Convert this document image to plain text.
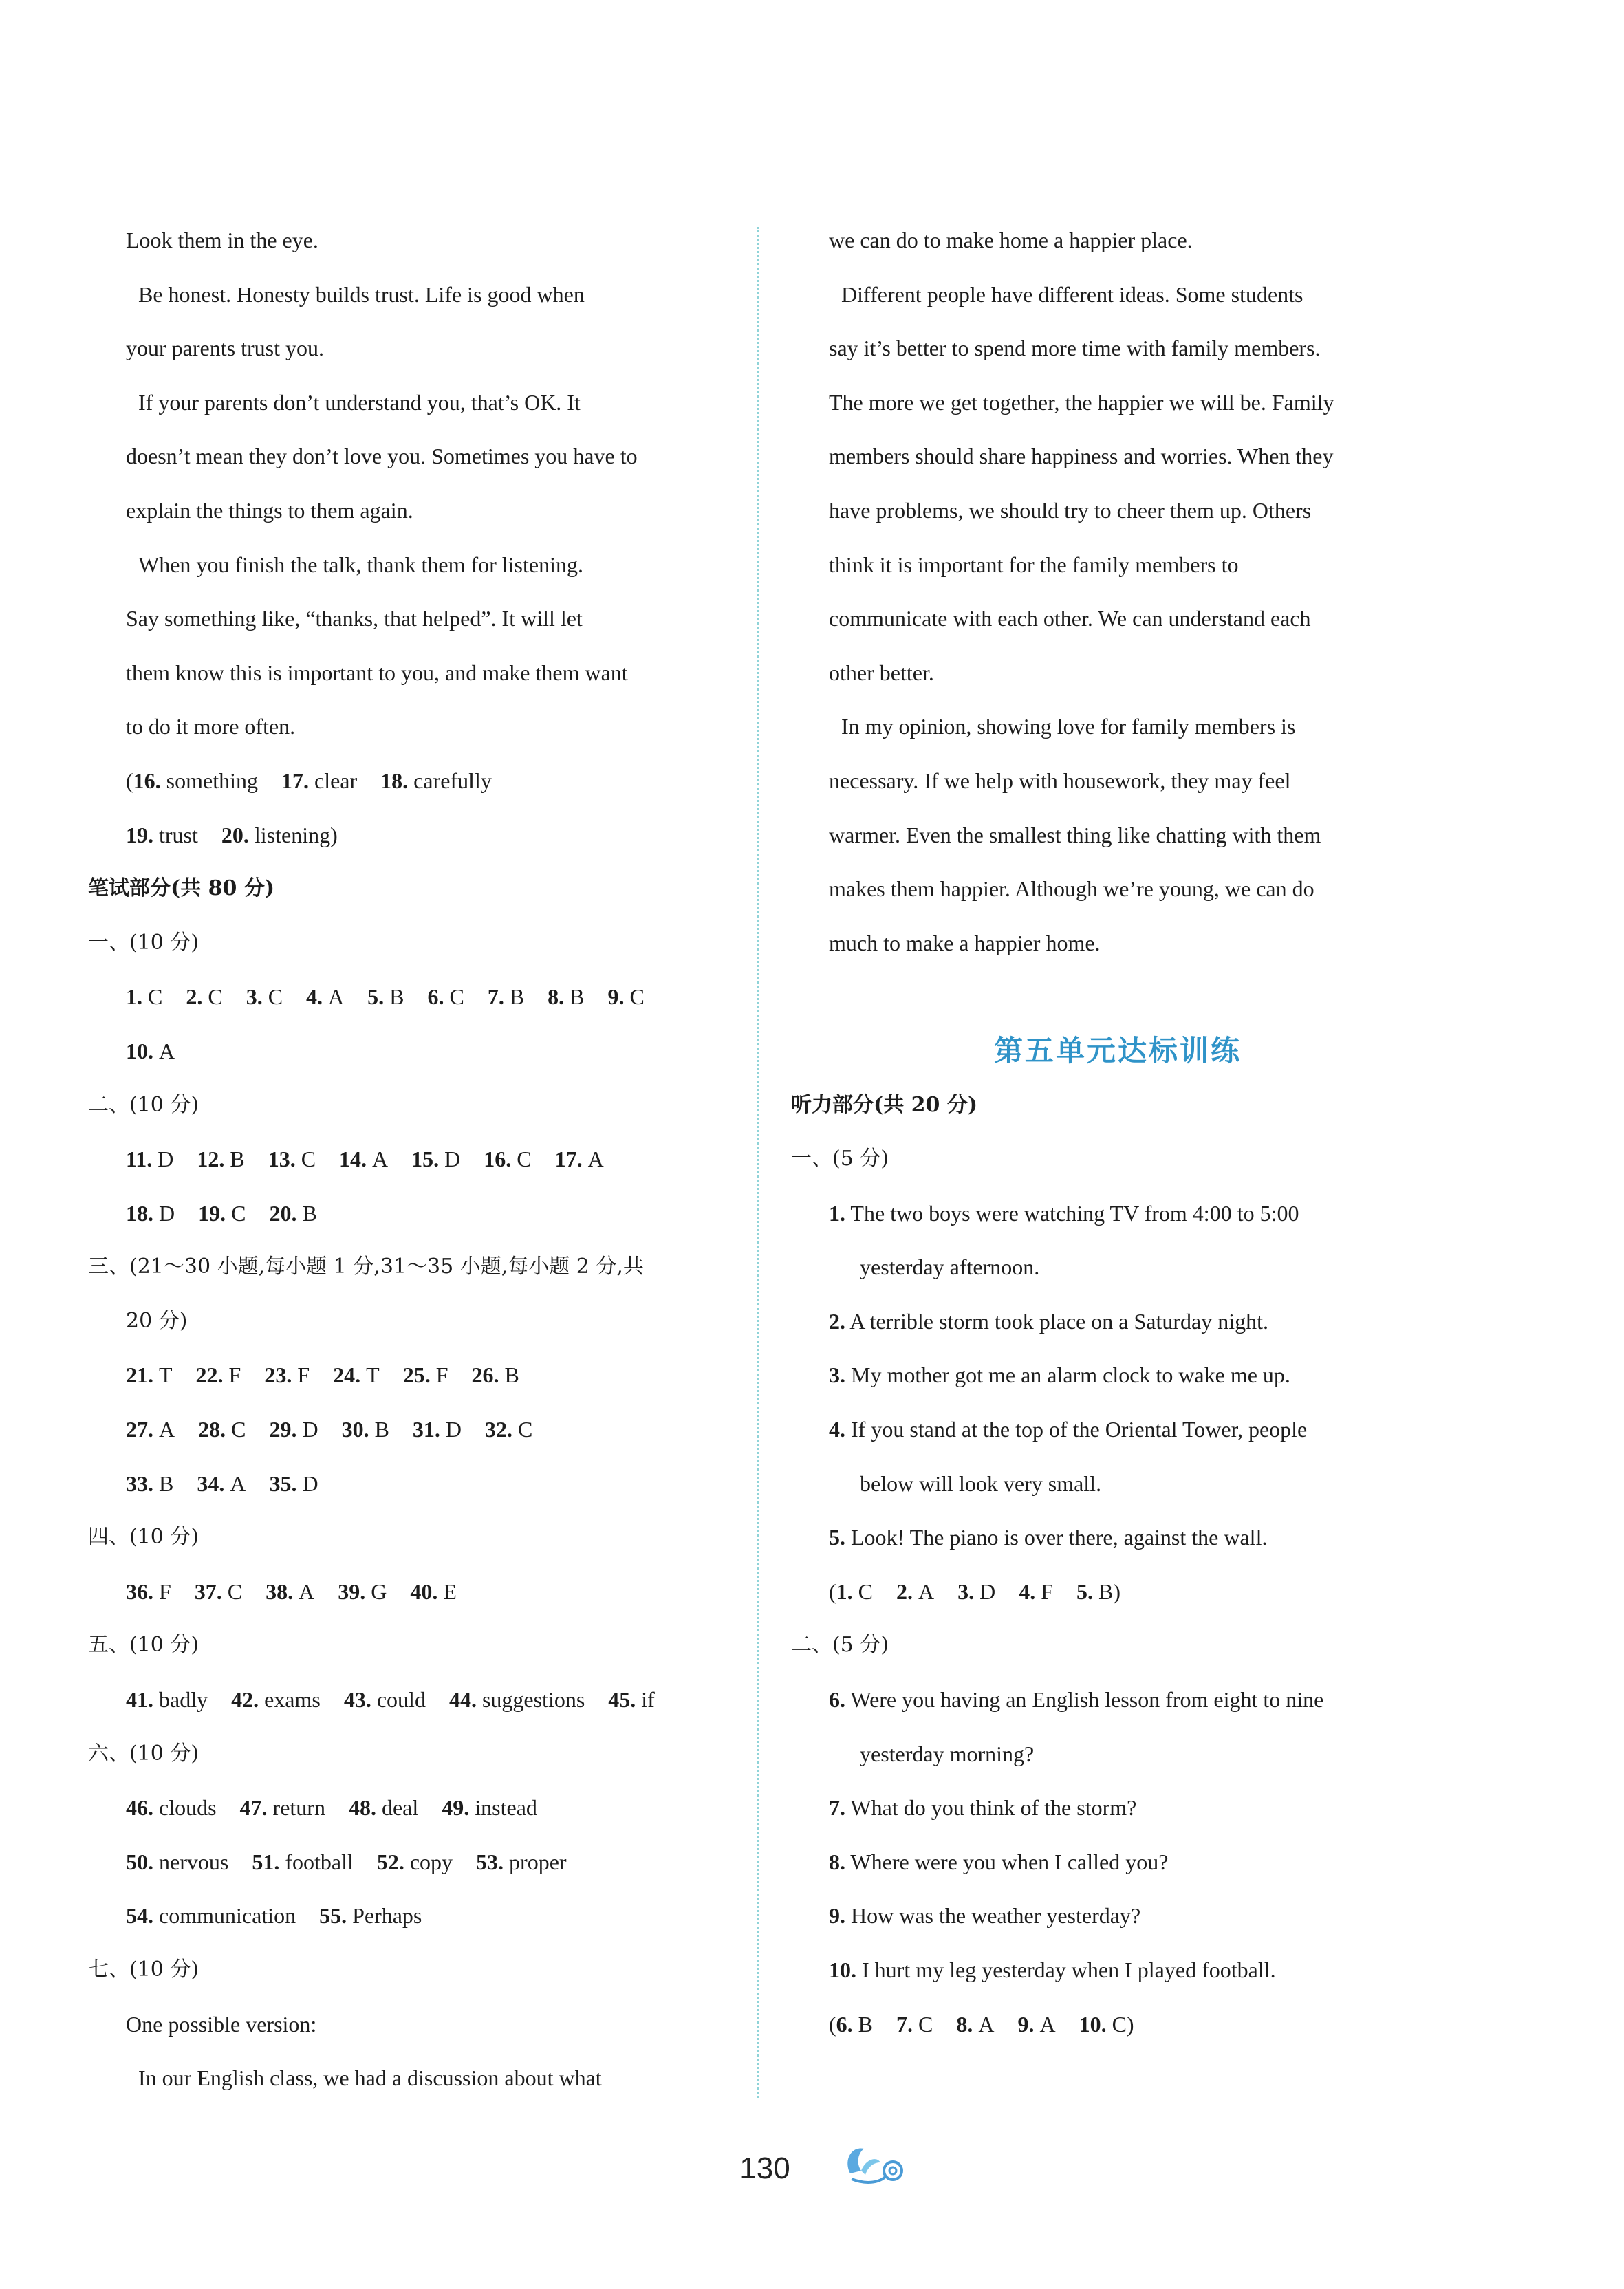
Look them in the eye.
Be honest. Honesty builds trust. Life is good when
your parents trust you.
If your parents don’t understand you, that’s OK. It
doesn’t mean they don’t love you. Sometimes you have to
explain the things to them again.
When you finish the talk, thank them for listening.
Say something like, “thanks, that helped”. It will let
them know this is important to you, and make them want
to do it more often.
(16. something 17. clear 18. carefully
19. trust 20. listening)
笔试部分(共 80 分)
一、(10 分)
1. C 2. C 3. C 4. A 5. B 6. C 7. B 8. B 9. C
10. A
二、(10 分)
11. D 12. B 13. C 14. A 15. D 16. C 17. A
18. D 19. C 20. B
三、(21～30 小题,每小题 1 分,31～35 小题,每小题 2 分,共
20 分)
21. T 22. F 23. F 24. T 25. F 26. B
27. A 28. C 29. D 30. B 31. D 32. C
33. B 34. A 35. D
四、(10 分)
36. F 37. C 38. A 39. G 40. E
五、(10 分)
41. badly 42. exams 43. could 44. suggestions 45. if
六、(10 分)
46. clouds 47. return 48. deal 49. instead
50. nervous 51. football 52. copy 53. proper
54. communication 55. Perhaps
七、(10 分)
One possible version:
In our English class, we had a discussion about what
we can do to make home a happier place.
Different people have different ideas. Some students
say it’s better to spend more time with family members.
The more we get together, the happier we will be. Family
members should share happiness and worries. When they
have problems, we should try to cheer them up. Others
think it is important for the family members to
communicate with each other. We can understand each
other better.
In my opinion, showing love for family members is
necessary. If we help with housework, they may feel
warmer. Even the smallest thing like chatting with them
makes them happier. Although we’re young, we can do
much to make a happier home.
第五单元达标训练
听力部分(共 20 分)
一、(5 分)
1. The two boys were watching TV from 4:00 to 5:00
yesterday afternoon.
2. A terrible storm took place on a Saturday night.
3. My mother got me an alarm clock to wake me up.
4. If you stand at the top of the Oriental Tower, people
below will look very small.
5. Look! The piano is over there, against the wall.
(1. C 2. A 3. D 4. F 5. B)
二、(5 分)
6. Were you having an English lesson from eight to nine
yesterday morning?
7. What do you think of the storm?
8. Where were you when I called you?
9. How was the weather yesterday?
10. I hurt my leg yesterday when I played football.
(6. B 7. C 8. A 9. A 10. C)
130
